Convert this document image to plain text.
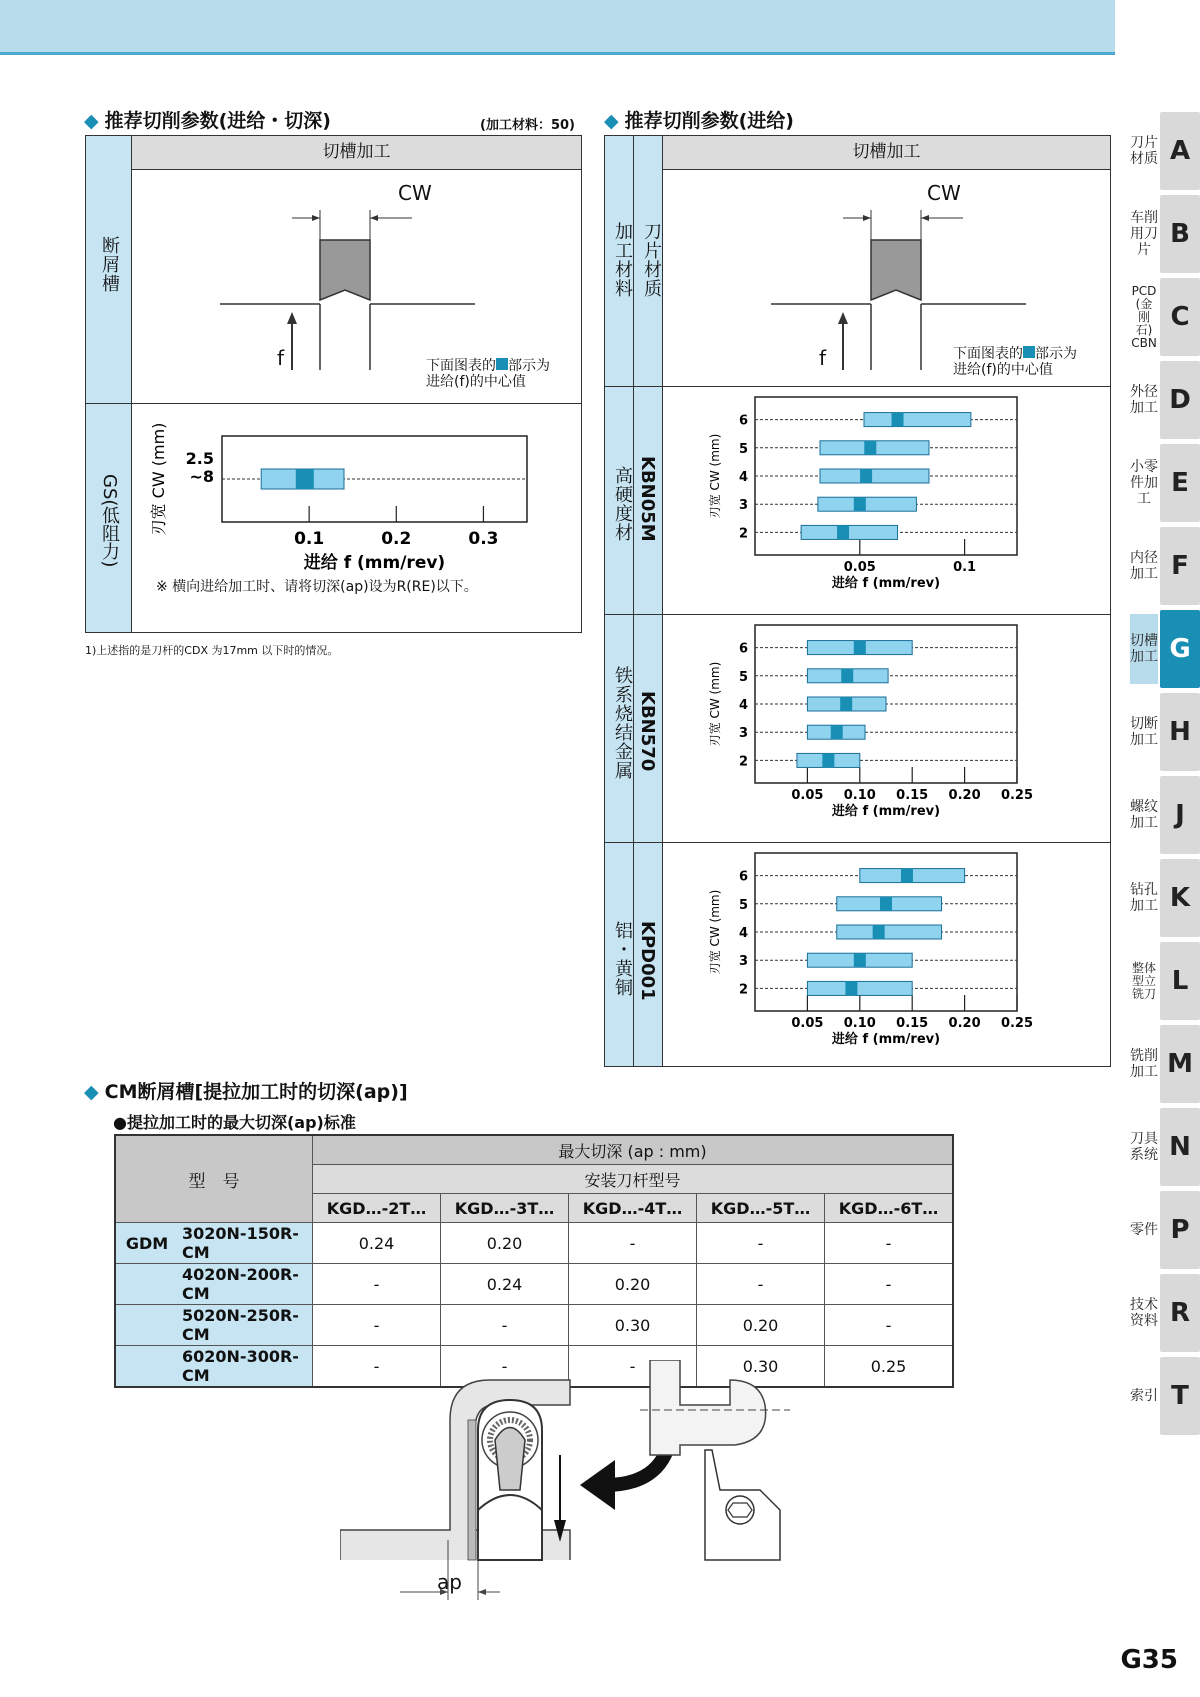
A
刀片材质
B
车削用刀片
C
PCD(金刚石) CBN
D
外径加工
E
小零件加工
F
内径加工
G
切槽加工
H
切断加工
J
螺纹加工
K
钻孔加工
L
整体型立铣刀
M
铣削加工
N
刀具系统
P
零件
R
技术资料
T
索引
G35
◆ 推荐切削参数(进给・切深)	(加工材料：50)
断屑槽
GS(低阻力)
切槽加工
CW
f	下面图表的 部示为
进给(f)的中心值
0.1	0.2	0.3
进给 f (mm/rev)
刃宽 CW (mm) 2.5
~8
※ 横向进给加工时、请将切深(ap)设为R(RE)以下。
1)上述指的是刀杆的CDX 为17mm 以下时的情况。
◆ 推荐切削参数(进给)
加工材料 刀片材质
切槽加工
CW
f	下面图表的 部示为
进给(f)的中心值
高硬度材 KBN05M
铁系烧结金属 KBN570
铝・黄铜 KPD001
0.05	0.1
6
5
4
3
2
进给 f (mm/rev)
刃宽 CW (mm)
0.05 0.10 0.15 0.20 0.25
6
5
4
3
2
进给 f (mm/rev)
刃宽 CW (mm)
0.05 0.10 0.15 0.20 0.25
6
5
4
3
2
进给 f (mm/rev)
刃宽 CW (mm)
◆ CM断屑槽[提拉加工时的切深(ap)]
●提拉加工时的最大切深(ap)标准
型　号		最大切深 (ap : mm)				
		安装刀杆型号				
		KGD…-2T…	KGD…-3T…	KGD…-4T…	KGD…-5T…	KGD…-6T…
GDM	3020N-150R-CM	0.24	0.20	-	-	-
	4020N-200R-CM	-	0.24	0.20	-	-
	5020N-250R-CM	-	-	0.30	0.20	-
	6020N-300R-CM	-	-	-	0.30	0.25
ap
